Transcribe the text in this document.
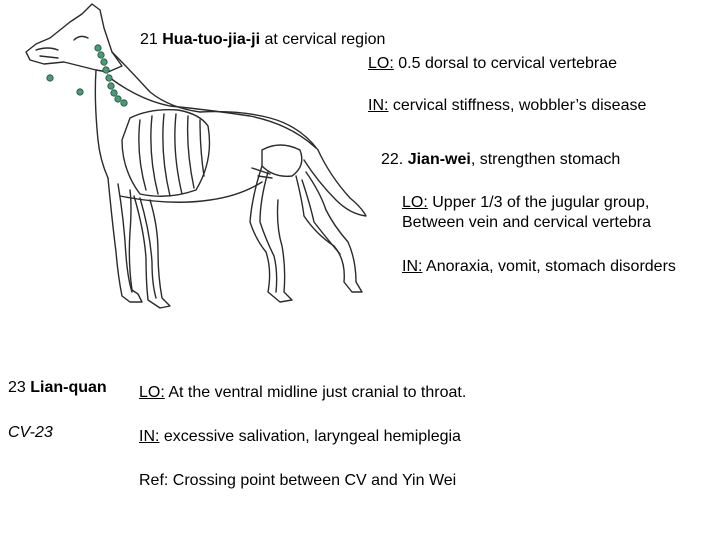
21 Hua-tuo-jia-ji at cervical region
LO: 0.5 dorsal to cervical vertebrae
IN: cervical stiffness, wobbler’s disease
22. Jian-wei, strengthen stomach
LO: Upper 1/3 of the jugular group,
Between vein and cervical vertebra
IN: Anoraxia, vomit, stomach disorders
23 Lian-quan
CV-23
LO: At the ventral midline just cranial to throat.
IN: excessive salivation, laryngeal hemiplegia
Ref: Crossing point between CV and Yin Wei
